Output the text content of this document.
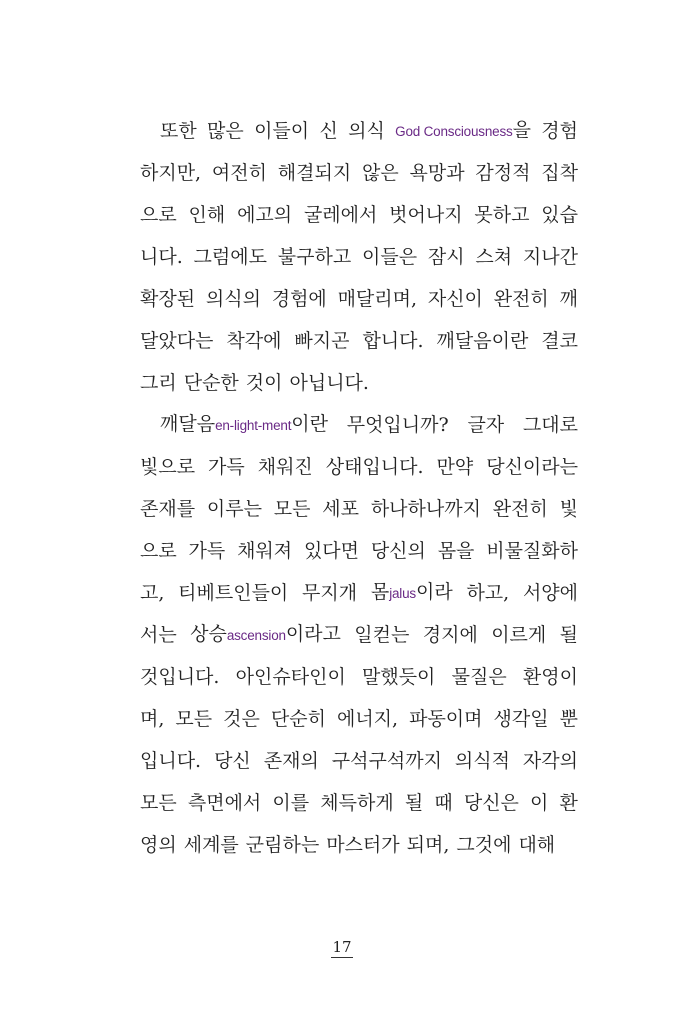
또한 많은 이들이 신 의식 God Consciousness을 경험
하지만, 여전히 해결되지 않은 욕망과 감정적 집착
으로 인해 에고의 굴레에서 벗어나지 못하고 있습
니다. 그럼에도 불구하고 이들은 잠시 스쳐 지나간
확장된 의식의 경험에 매달리며, 자신이 완전히 깨
달았다는 착각에 빠지곤 합니다. 깨달음이란 결코
그리 단순한 것이 아닙니다.
깨달음en-light-ment이란 무엇입니까? 글자 그대로
빛으로 가득 채워진 상태입니다. 만약 당신이라는
존재를 이루는 모든 세포 하나하나까지 완전히 빛
으로 가득 채워져 있다면 당신의 몸을 비물질화하
고, 티베트인들이 무지개 몸jalus이라 하고, 서양에
서는 상승ascension이라고 일컫는 경지에 이르게 될
것입니다. 아인슈타인이 말했듯이 물질은 환영이
며, 모든 것은 단순히 에너지, 파동이며 생각일 뿐
입니다. 당신 존재의 구석구석까지 의식적 자각의
모든 측면에서 이를 체득하게 될 때 당신은 이 환
영의 세계를 군림하는 마스터가 되며, 그것에 대해
17
